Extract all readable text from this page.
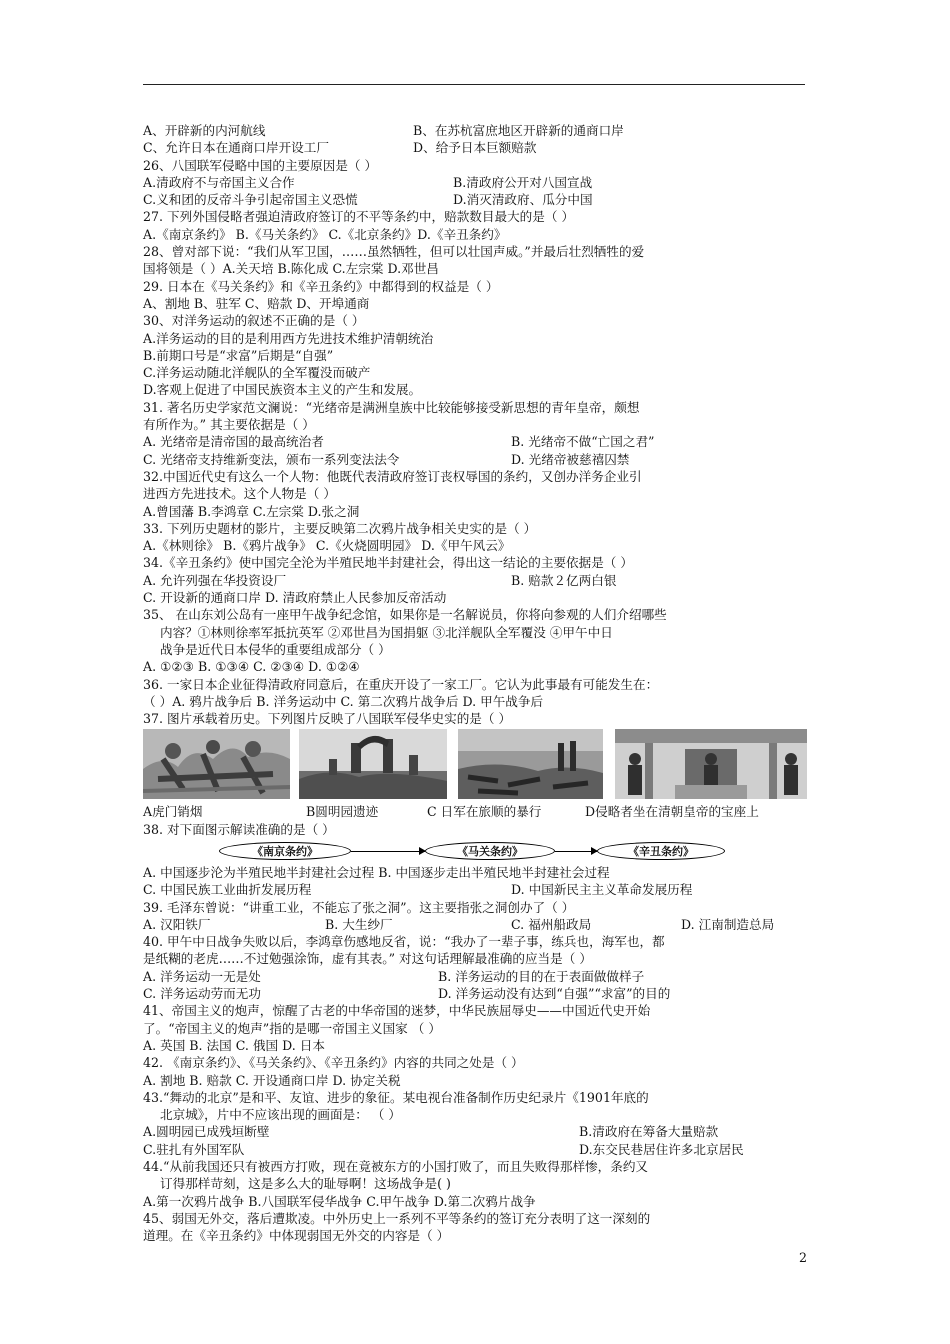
A、开辟新的内河航线	B、在苏杭富庶地区开辟新的通商口岸
C、允许日本在通商口岸开设工厂	D、给予日本巨额赔款
26、八国联军侵略中国的主要原因是（ ）
A.清政府不与帝国主义合作	B.清政府公开对八国宣战
C.义和团的反帝斗争引起帝国主义恐慌	D.消灭清政府、瓜分中国
27. 下列外国侵略者强迫清政府签订的不平等条约中，赔款数目最大的是（ ）
A.《南京条约》 B.《马关条约》 C.《北京条约》D.《辛丑条约》
28、曾对部下说：“我们从军卫国，……虽然牺牲，但可以壮国声威。”并最后壮烈牺牲的爱
国将领是（ ）A.关天培 B.陈化成 C.左宗棠 D.邓世昌
29. 日本在《马关条约》和《辛丑条约》中都得到的权益是（ ）
A、割地 B、驻军 C、赔款 D、开埠通商
30、对洋务运动的叙述不正确的是（ ）
A.洋务运动的目的是利用西方先进技术维护清朝统治
B.前期口号是“求富”后期是“自强”
C.洋务运动随北洋舰队的全军覆没而破产
D.客观上促进了中国民族资本主义的产生和发展。
31. 著名历史学家范文澜说：“光绪帝是满洲皇族中比较能够接受新思想的青年皇帝，颇想
有所作为。” 其主要依据是（ ）
A. 光绪帝是清帝国的最高统治者	B. 光绪帝不做“亡国之君”
C. 光绪帝支持维新变法，颁布一系列变法法令	D. 光绪帝被慈禧囚禁
32.中国近代史有这么一个人物：他既代表清政府签订丧权辱国的条约，又创办洋务企业引
进西方先进技术。这个人物是（ ）
A.曾国藩 B.李鸿章 C.左宗棠 D.张之洞
33. 下列历史题材的影片，主要反映第二次鸦片战争相关史实的是（ ）
A.《林则徐》 B.《鸦片战争》 C.《火烧圆明园》 D.《甲午风云》
34.《辛丑条约》使中国完全沦为半殖民地半封建社会，得出这一结论的主要依据是（ ）
A. 允许列强在华投资设厂	B. 赔款２亿两白银
C. 开设新的通商口岸 D. 清政府禁止人民参加反帝活动
35、 在山东刘公岛有一座甲午战争纪念馆，如果你是一名解说员，你将向参观的人们介绍哪些
内容？①林则徐率军抵抗英军 ②邓世昌为国捐躯 ③北洋舰队全军覆没 ④甲午中日
战争是近代日本侵华的重要组成部分（ ）
A. ①②③ B. ①③④ C. ②③④ D. ①②④
36. 一家日本企业征得清政府同意后，在重庆开设了一家工厂。它认为此事最有可能发生在：
（ ）A. 鸦片战争后 B. 洋务运动中 C. 第二次鸦片战争后 D. 甲午战争后
37. 图片承载着历史。下列图片反映了八国联军侵华史实的是（ ）
A虎门销烟	B圆明园遗迹	C 日军在旅顺的暴行	D侵略者坐在清朝皇帝的宝座上
38. 对下面图示解读准确的是（ ）
《南京条约》	《马关条约》	《辛丑条约》
A. 中国逐步沦为半殖民地半封建社会过程 B. 中国逐步走出半殖民地半封建社会过程
C. 中国民族工业曲折发展历程	D. 中国新民主主义革命发展历程
39. 毛泽东曾说：“讲重工业，不能忘了张之洞”。这主要指张之洞创办了（ ）
A. 汉阳铁厂	B. 大生纱厂	C. 福州船政局	D. 江南制造总局
40. 甲午中日战争失败以后，李鸿章伤感地反省，说：“我办了一辈子事，练兵也，海军也，都
是纸糊的老虎……不过勉强涂饰，虚有其表。” 对这句话理解最准确的应当是（ ）
A. 洋务运动一无是处	B. 洋务运动的目的在于表面做做样子
C. 洋务运动劳而无功	D. 洋务运动没有达到“自强”“求富”的目的
41、帝国主义的炮声，惊醒了古老的中华帝国的迷梦，中华民族屈辱史——中国近代史开始
了。“帝国主义的炮声”指的是哪一帝国主义国家 （ ）
A. 英国 B. 法国 C. 俄国 D. 日本
42. 《南京条约》、《马关条约》、《辛丑条约》内容的共同之处是（ ）
A. 割地 B. 赔款 C. 开设通商口岸 D. 协定关税
43.“舞动的北京”是和平、友谊、进步的象征。某电视台准备制作历史纪录片《1901年底的
北京城》，片中不应该出现的画面是： （ ）
A.圆明园已成残垣断壁	B.清政府在筹备大量赔款
C.驻扎有外国军队	D.东交民巷居住许多北京居民
44.“从前我国还只有被西方打败，现在竟被东方的小国打败了，而且失败得那样惨，条约又
订得那样苛刻，这是多么大的耻辱啊！这场战争是( )
A.第一次鸦片战争 B.八国联军侵华战争 C.甲午战争 D.第二次鸦片战争
45、弱国无外交，落后遭欺凌。中外历史上一系列不平等条约的签订充分表明了这一深刻的
道理。在《辛丑条约》中体现弱国无外交的内容是（ ）
2
